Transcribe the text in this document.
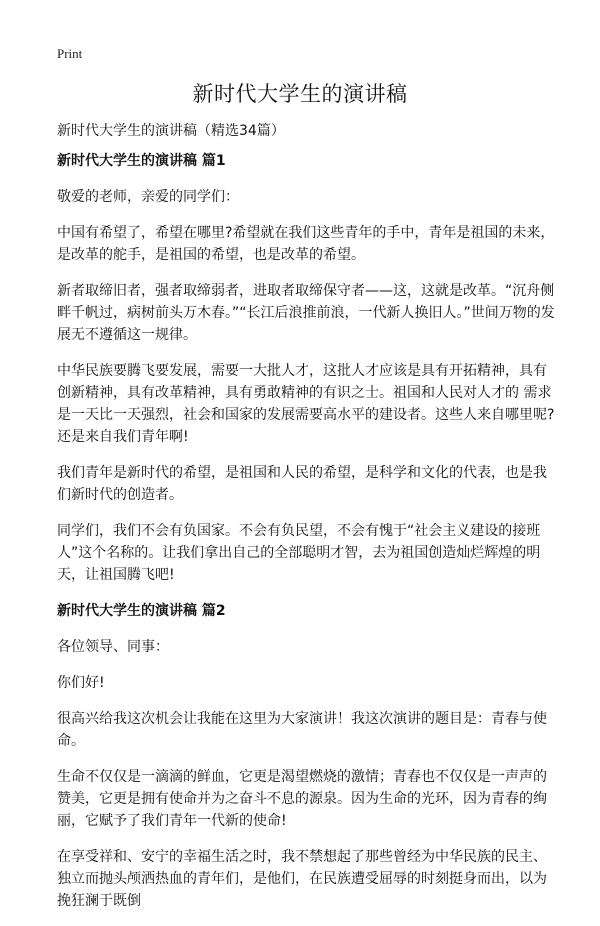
Print
新时代大学生的演讲稿

新时代大学生的演讲稿（精选34篇）

新时代大学生的演讲稿 篇1

敬爱的老师，亲爱的同学们：

中国有希望了，希望在哪里?希望就在我们这些青年的手中，青年是祖国的未来，是改革的舵手，是祖国的希望，也是改革的希望。

新者取缔旧者，强者取缔弱者，进取者取缔保守者——这，这就是改革。“沉舟侧畔千帆过，病树前头万木春。”“长江后浪推前浪，一代新人换旧人。”世间万物的发展无不遵循这一规律。

中华民族要腾飞要发展，需要一大批人才，这批人才应该是具有开拓精神，具有创新精神，具有改革精神，具有勇敢精神的有识之士。祖国和人民对人才的 需求是一天比一天强烈，社会和国家的发展需要高水平的建设者。这些人来自哪里呢?还是来自我们青年啊!

我们青年是新时代的希望，是祖国和人民的希望，是科学和文化的代表，也是我们新时代的创造者。

同学们，我们不会有负国家。不会有负民望，不会有愧于“社会主义建设的接班人”这个名称的。让我们拿出自己的全部聪明才智，去为祖国创造灿烂辉煌的明天，让祖国腾飞吧!

新时代大学生的演讲稿 篇2

各位领导、同事：

你们好!

很高兴给我这次机会让我能在这里为大家演讲！我这次演讲的题目是：青春与使命。

生命不仅仅是一滴滴的鲜血，它更是渴望燃烧的激情；青春也不仅仅是一声声的赞美，它更是拥有使命并为之奋斗不息的源泉。因为生命的光环，因为青春的绚丽，它赋予了我们青年一代新的使命!

在享受祥和、安宁的幸福生活之时，我不禁想起了那些曾经为中华民族的民主、独立而抛头颅洒热血的青年们，是他们，在民族遭受屈辱的时刻挺身而出，以为挽狂澜于既倒
